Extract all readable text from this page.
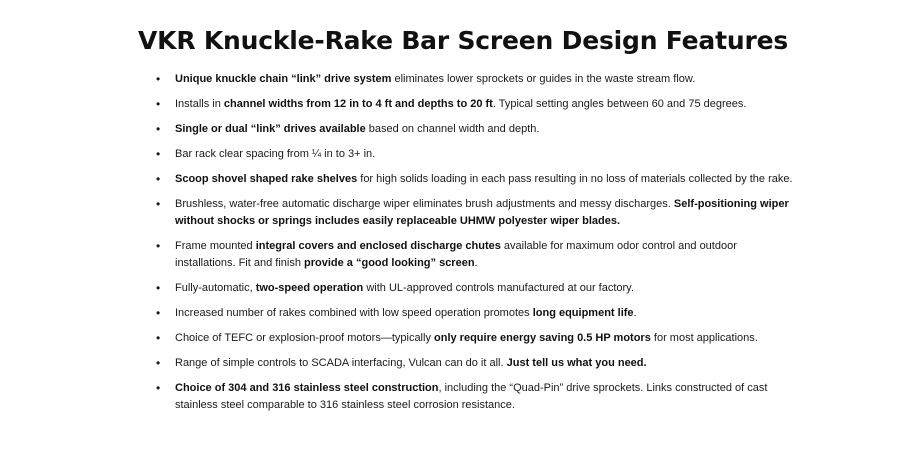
VKR Knuckle-Rake Bar Screen Design Features
• Unique knuckle chain “link” drive system eliminates lower sprockets or guides in the waste stream flow.
• Installs in channel widths from 12 in to 4 ft and depths to 20 ft. Typical setting angles between 60 and 75 degrees.
• Single or dual “link” drives available based on channel width and depth.
• Bar rack clear spacing from ¼ in to 3+ in.
• Scoop shovel shaped rake shelves for high solids loading in each pass resulting in no loss of materials collected by the rake.
• Brushless, water-free automatic discharge wiper eliminates brush adjustments and messy discharges. Self-positioning wiper without shocks or springs includes easily replaceable UHMW polyester wiper blades.
• Frame mounted integral covers and enclosed discharge chutes available for maximum odor control and outdoor installations. Fit and finish provide a “good looking” screen.
• Fully-automatic, two-speed operation with UL-approved controls manufactured at our factory.
• Increased number of rakes combined with low speed operation promotes long equipment life.
• Choice of TEFC or explosion-proof motors—typically only require energy saving 0.5 HP motors for most applications.
• Range of simple controls to SCADA interfacing, Vulcan can do it all. Just tell us what you need.
• Choice of 304 and 316 stainless steel construction, including the “Quad-Pin” drive sprockets. Links constructed of cast stainless steel comparable to 316 stainless steel corrosion resistance.
